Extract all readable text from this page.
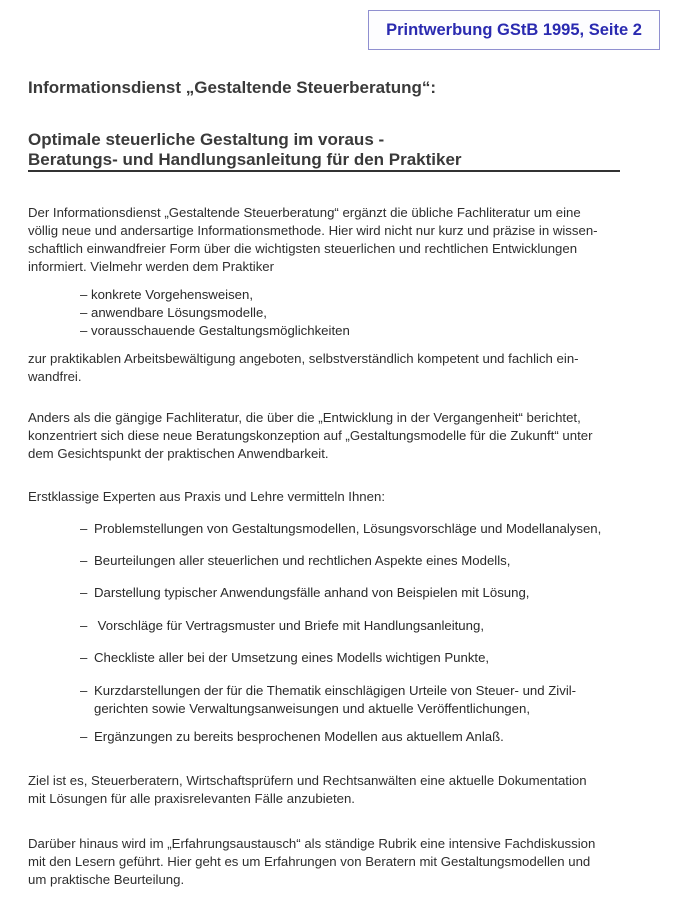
Printwerbung GStB 1995, Seite 2
Informationsdienst „Gestaltende Steuerberatung“:
Optimale steuerliche Gestaltung im voraus -
Beratungs- und Handlungsanleitung für den Praktiker
Der Informationsdienst „Gestaltende Steuerberatung“ ergänzt die übliche Fachliteratur um eine
völlig neue und andersartige Informationsmethode. Hier wird nicht nur kurz und präzise in wissen-
schaftlich einwandfreier Form über die wichtigsten steuerlichen und rechtlichen Entwicklungen
informiert. Vielmehr werden dem Praktiker
– konkrete Vorgehensweisen,
– anwendbare Lösungsmodelle,
– vorausschauende Gestaltungsmöglichkeiten
zur praktikablen Arbeitsbewältigung angeboten, selbstverständlich kompetent und fachlich ein-
wandfrei.
Anders als die gängige Fachliteratur, die über die „Entwicklung in der Vergangenheit“ berichtet,
konzentriert sich diese neue Beratungskonzeption auf „Gestaltungsmodelle für die Zukunft“ unter
dem Gesichtspunkt der praktischen Anwendbarkeit.
Erstklassige Experten aus Praxis und Lehre vermitteln Ihnen:
– Problemstellungen von Gestaltungsmodellen, Lösungsvorschläge und Modellanalysen,
– Beurteilungen aller steuerlichen und rechtlichen Aspekte eines Modells,
– Darstellung typischer Anwendungsfälle anhand von Beispielen mit Lösung,
– Vorschläge für Vertragsmuster und Briefe mit Handlungsanleitung,
– Checkliste aller bei der Umsetzung eines Modells wichtigen Punkte,
– Kurzdarstellungen der für die Thematik einschlägigen Urteile von Steuer- und Zivil-
gerichten sowie Verwaltungsanweisungen und aktuelle Veröffentlichungen,
– Ergänzungen zu bereits besprochenen Modellen aus aktuellem Anlaß.
Ziel ist es, Steuerberatern, Wirtschaftsprüfern und Rechtsanwälten eine aktuelle Dokumentation
mit Lösungen für alle praxisrelevanten Fälle anzubieten.
Darüber hinaus wird im „Erfahrungsaustausch“ als ständige Rubrik eine intensive Fachdiskussion
mit den Lesern geführt. Hier geht es um Erfahrungen von Beratern mit Gestaltungsmodellen und
um praktische Beurteilung.
